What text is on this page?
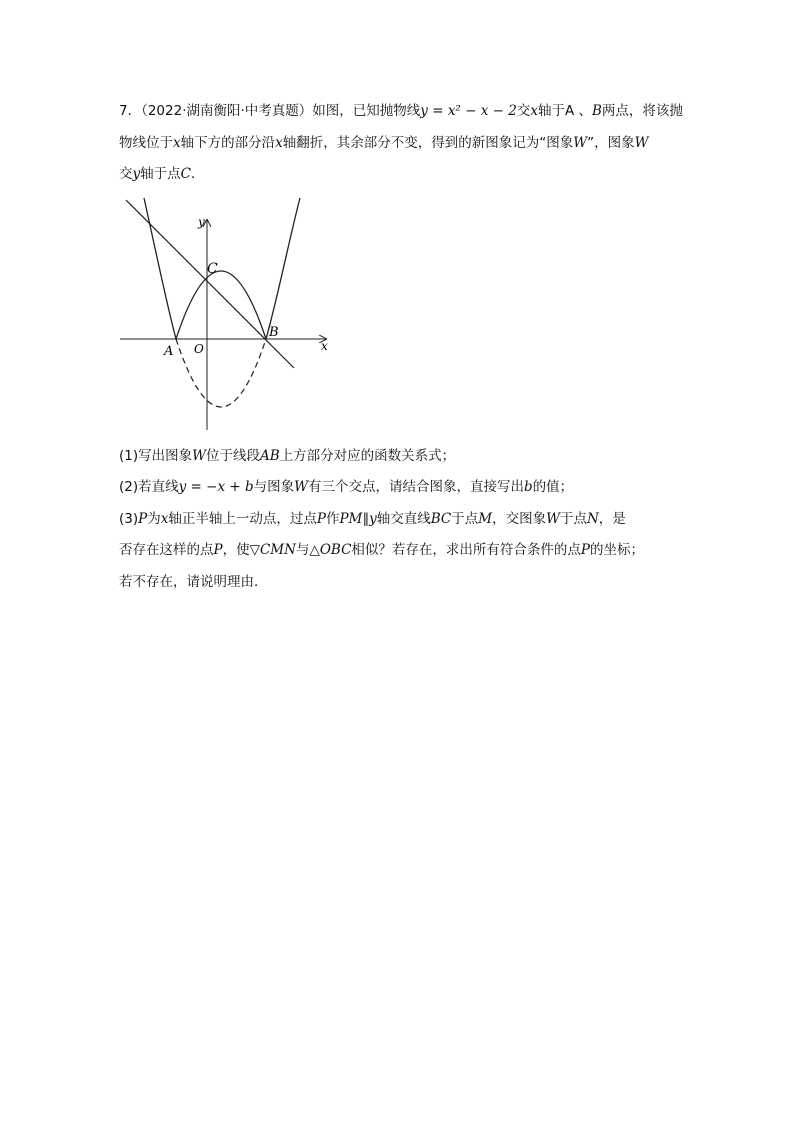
7．（2022·湖南衡阳·中考真题）如图，已知抛物线y = x² − x − 2交x轴于A 、B两点，将该抛
物线位于x轴下方的部分沿x轴翻折，其余部分不变，得到的新图象记为“图象W”，图象W
交y轴于点C．
y
x
O
A
B
C
(1)写出图象W位于线段AB上方部分对应的函数关系式；
(2)若直线y = −x + b与图象W有三个交点，请结合图象，直接写出b的值；
(3)P为x轴正半轴上一动点，过点P作PM∥y轴交直线BC于点M，交图象W于点N，是
否存在这样的点P，使▽CMN与△OBC相似？若存在，求出所有符合条件的点P的坐标；
若不存在，请说明理由．
